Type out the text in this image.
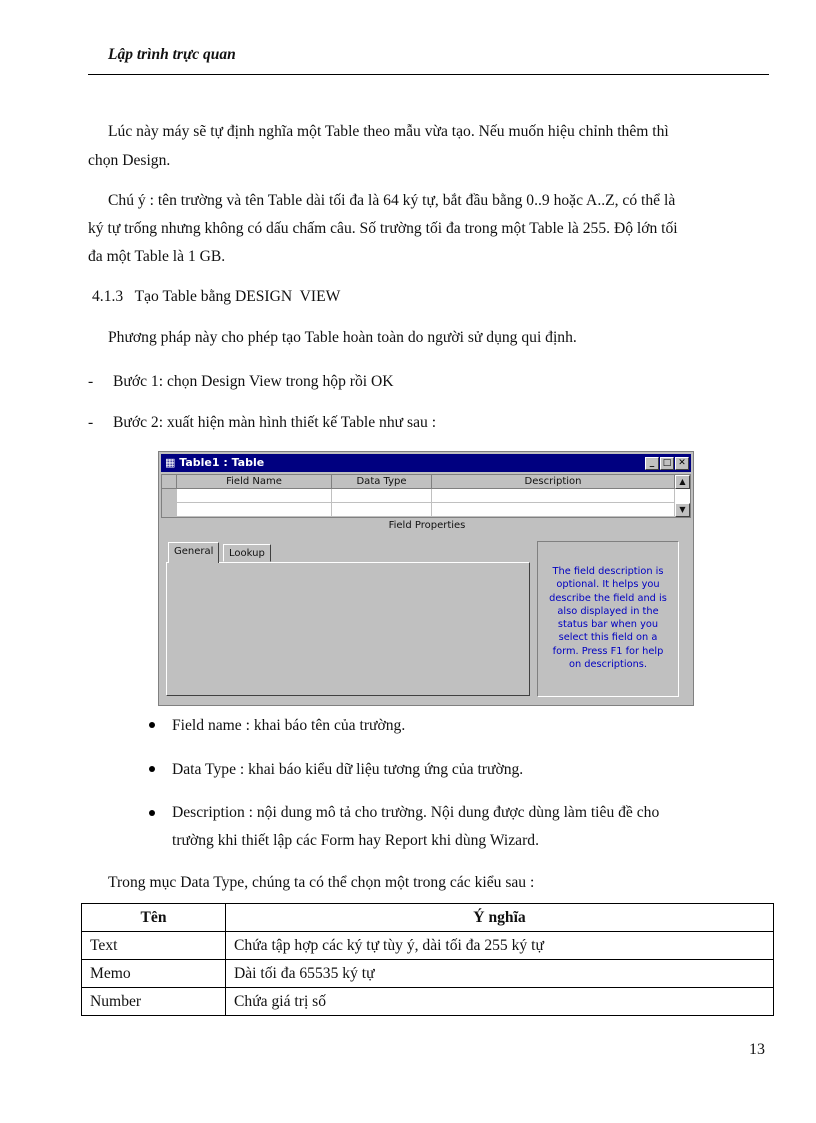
Lập trình trực quan
Lúc này máy sẽ tự định nghĩa một Table theo mẫu vừa tạo. Nếu muốn hiệu chỉnh thêm thì
chọn Design.
Chú ý : tên trường và tên Table dài tối đa là 64 ký tự, bắt đầu bằng 0..9 hoặc A..Z, có thể là
ký tự trống nhưng không có dấu chấm câu. Số trường tối đa trong một Table là 255. Độ lớn tối
đa một Table là 1 GB.
4.1.3   Tạo Table bằng DESIGN  VIEW
Phương pháp này cho phép tạo Table hoàn toàn do người sử dụng qui định.
- Bước 1: chọn Design View trong hộp rồi OK
- Bước 2: xuất hiện màn hình thiết kế Table như sau :
▦ Table1 : Table	_ □ ✕
Field Name	Data Type	Description	▲
▼
Field Properties
General	Lookup
The field description is
optional. It helps you
describe the field and is
also displayed in the
status bar when you
select this field on a
form. Press F1 for help
on descriptions.
Field name : khai báo tên của trường.
Data Type : khai báo kiểu dữ liệu tương ứng của trường.
Description : nội dung mô tả cho trường. Nội dung được dùng làm tiêu đề cho
trường khi thiết lập các Form hay Report khi dùng Wizard.
Trong mục Data Type, chúng ta có thể chọn một trong các kiểu sau :
Tên	Ý nghĩa
Text	Chứa tập hợp các ký tự tùy ý, dài tối đa 255 ký tự
Memo	Dài tối đa 65535 ký tự
Number	Chứa giá trị số
13
